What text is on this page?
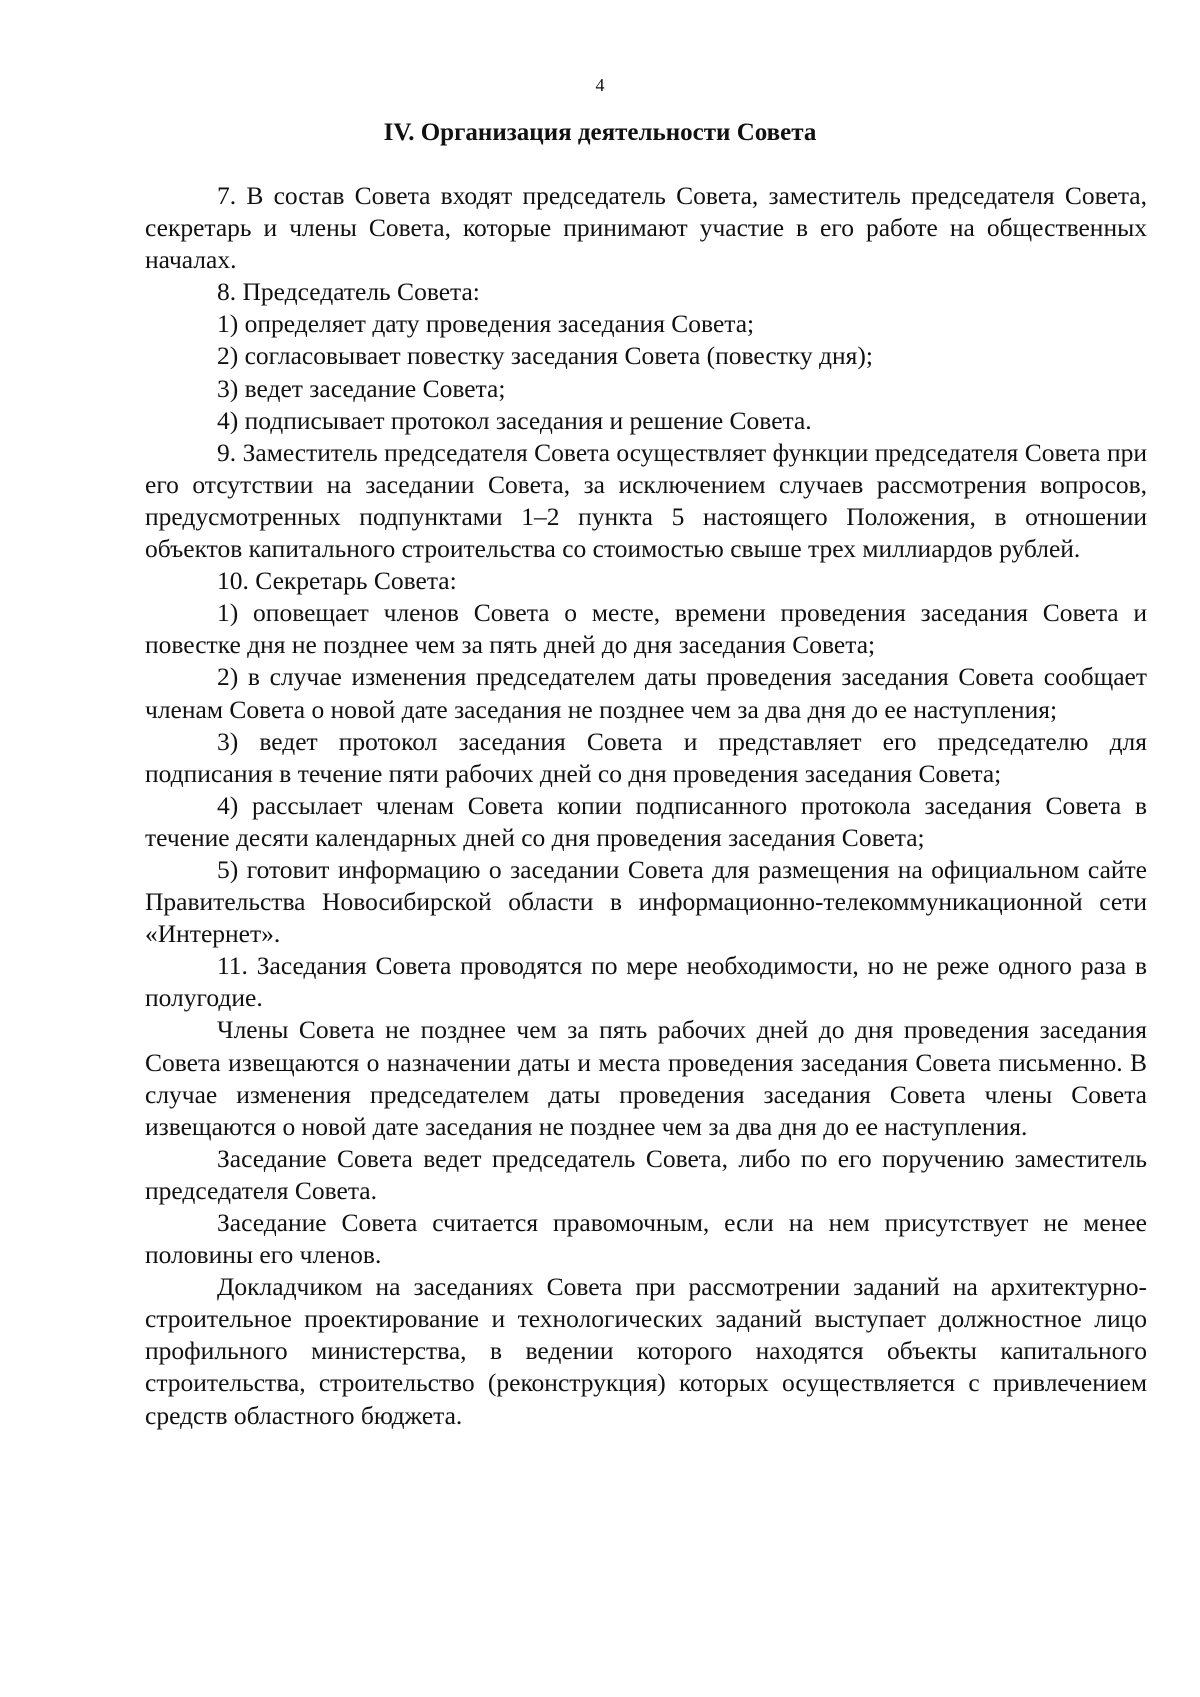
4
IV. Организация деятельности Совета

7. В состав Совета входят председатель Совета, заместитель председателя Совета, секретарь и члены Совета, которые принимают участие в его работе на общественных началах.

8. Председатель Совета:

1) определяет дату проведения заседания Совета;

2) согласовывает повестку заседания Совета (повестку дня);

3) ведет заседание Совета;

4) подписывает протокол заседания и решение Совета.

9. Заместитель председателя Совета осуществляет функции председателя Совета при его отсутствии на заседании Совета, за исключением случаев рассмотрения вопросов, предусмотренных подпунктами 1–2 пункта 5 настоящего Положения, в отношении объектов капитального строительства со стоимостью свыше трех миллиардов рублей.

10. Секретарь Совета:

1) оповещает членов Совета о месте, времени проведения заседания Совета и повестке дня не позднее чем за пять дней до дня заседания Совета;

2) в случае изменения председателем даты проведения заседания Совета сообщает членам Совета о новой дате заседания не позднее чем за два дня до ее наступления;

3) ведет протокол заседания Совета и представляет его председателю для подписания в течение пяти рабочих дней со дня проведения заседания Совета;

4) рассылает членам Совета копии подписанного протокола заседания Совета в течение десяти календарных дней со дня проведения заседания Совета;

5) готовит информацию о заседании Совета для размещения на официальном сайте Правительства Новосибирской области в информационно-телекоммуникационной сети «Интернет».

11. Заседания Совета проводятся по мере необходимости, но не реже одного раза в полугодие.

Члены Совета не позднее чем за пять рабочих дней до дня проведения заседания Совета извещаются о назначении даты и места проведения заседания Совета письменно. В случае изменения председателем даты проведения заседания Совета члены Совета извещаются о новой дате заседания не позднее чем за два дня до ее наступления.

Заседание Совета ведет председатель Совета, либо по его поручению заместитель председателя Совета.

Заседание Совета считается правомочным, если на нем присутствует не менее половины его членов.

Докладчиком на заседаниях Совета при рассмотрении заданий на архитектурно-строительное проектирование и технологических заданий выступает должностное лицо профильного министерства, в ведении которого находятся объекты капитального строительства, строительство (реконструкция) которых осуществляется с привлечением средств областного бюджета.
